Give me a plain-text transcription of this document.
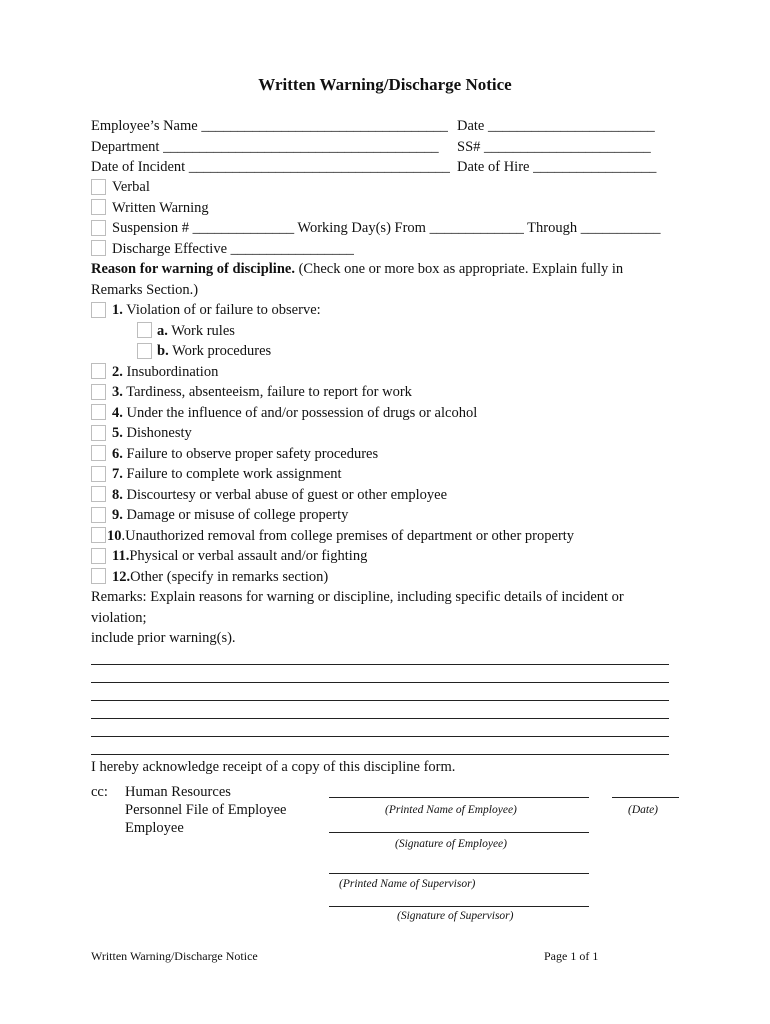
Written Warning/Discharge Notice
Employee’s Name __________________________________ Date _______________________
Department ______________________________________ SS# _______________________
Date of Incident ____________________________________ Date of Hire _________________
Verbal
Written Warning
Suspension # ______________ Working Day(s) From _____________ Through ___________
Discharge Effective _________________
Reason for warning of discipline. (Check one or more box as appropriate. Explain fully in
Remarks Section.)
1. Violation of or failure to observe:
a. Work rules
b. Work procedures
2. Insubordination
3. Tardiness, absenteeism, failure to report for work
4. Under the influence of and/or possession of drugs or alcohol
5. Dishonesty
6. Failure to observe proper safety procedures
7. Failure to complete work assignment
8. Discourtesy or verbal abuse of guest or other employee
9. Damage or misuse of college property
10.Unauthorized removal from college premises of department or other property
11.Physical or verbal assault and/or fighting
12.Other (specify in remarks section)
Remarks: Explain reasons for warning or discipline, including specific details of incident or
violation;
include prior warning(s).
I hereby acknowledge receipt of a copy of this discipline form.
cc: Human Resources
Personnel File of Employee
Employee
(Printed Name of Employee)	(Date)
(Signature of Employee)
(Printed Name of Supervisor)
(Signature of Supervisor)
Written Warning/Discharge Notice	Page 1 of 1
